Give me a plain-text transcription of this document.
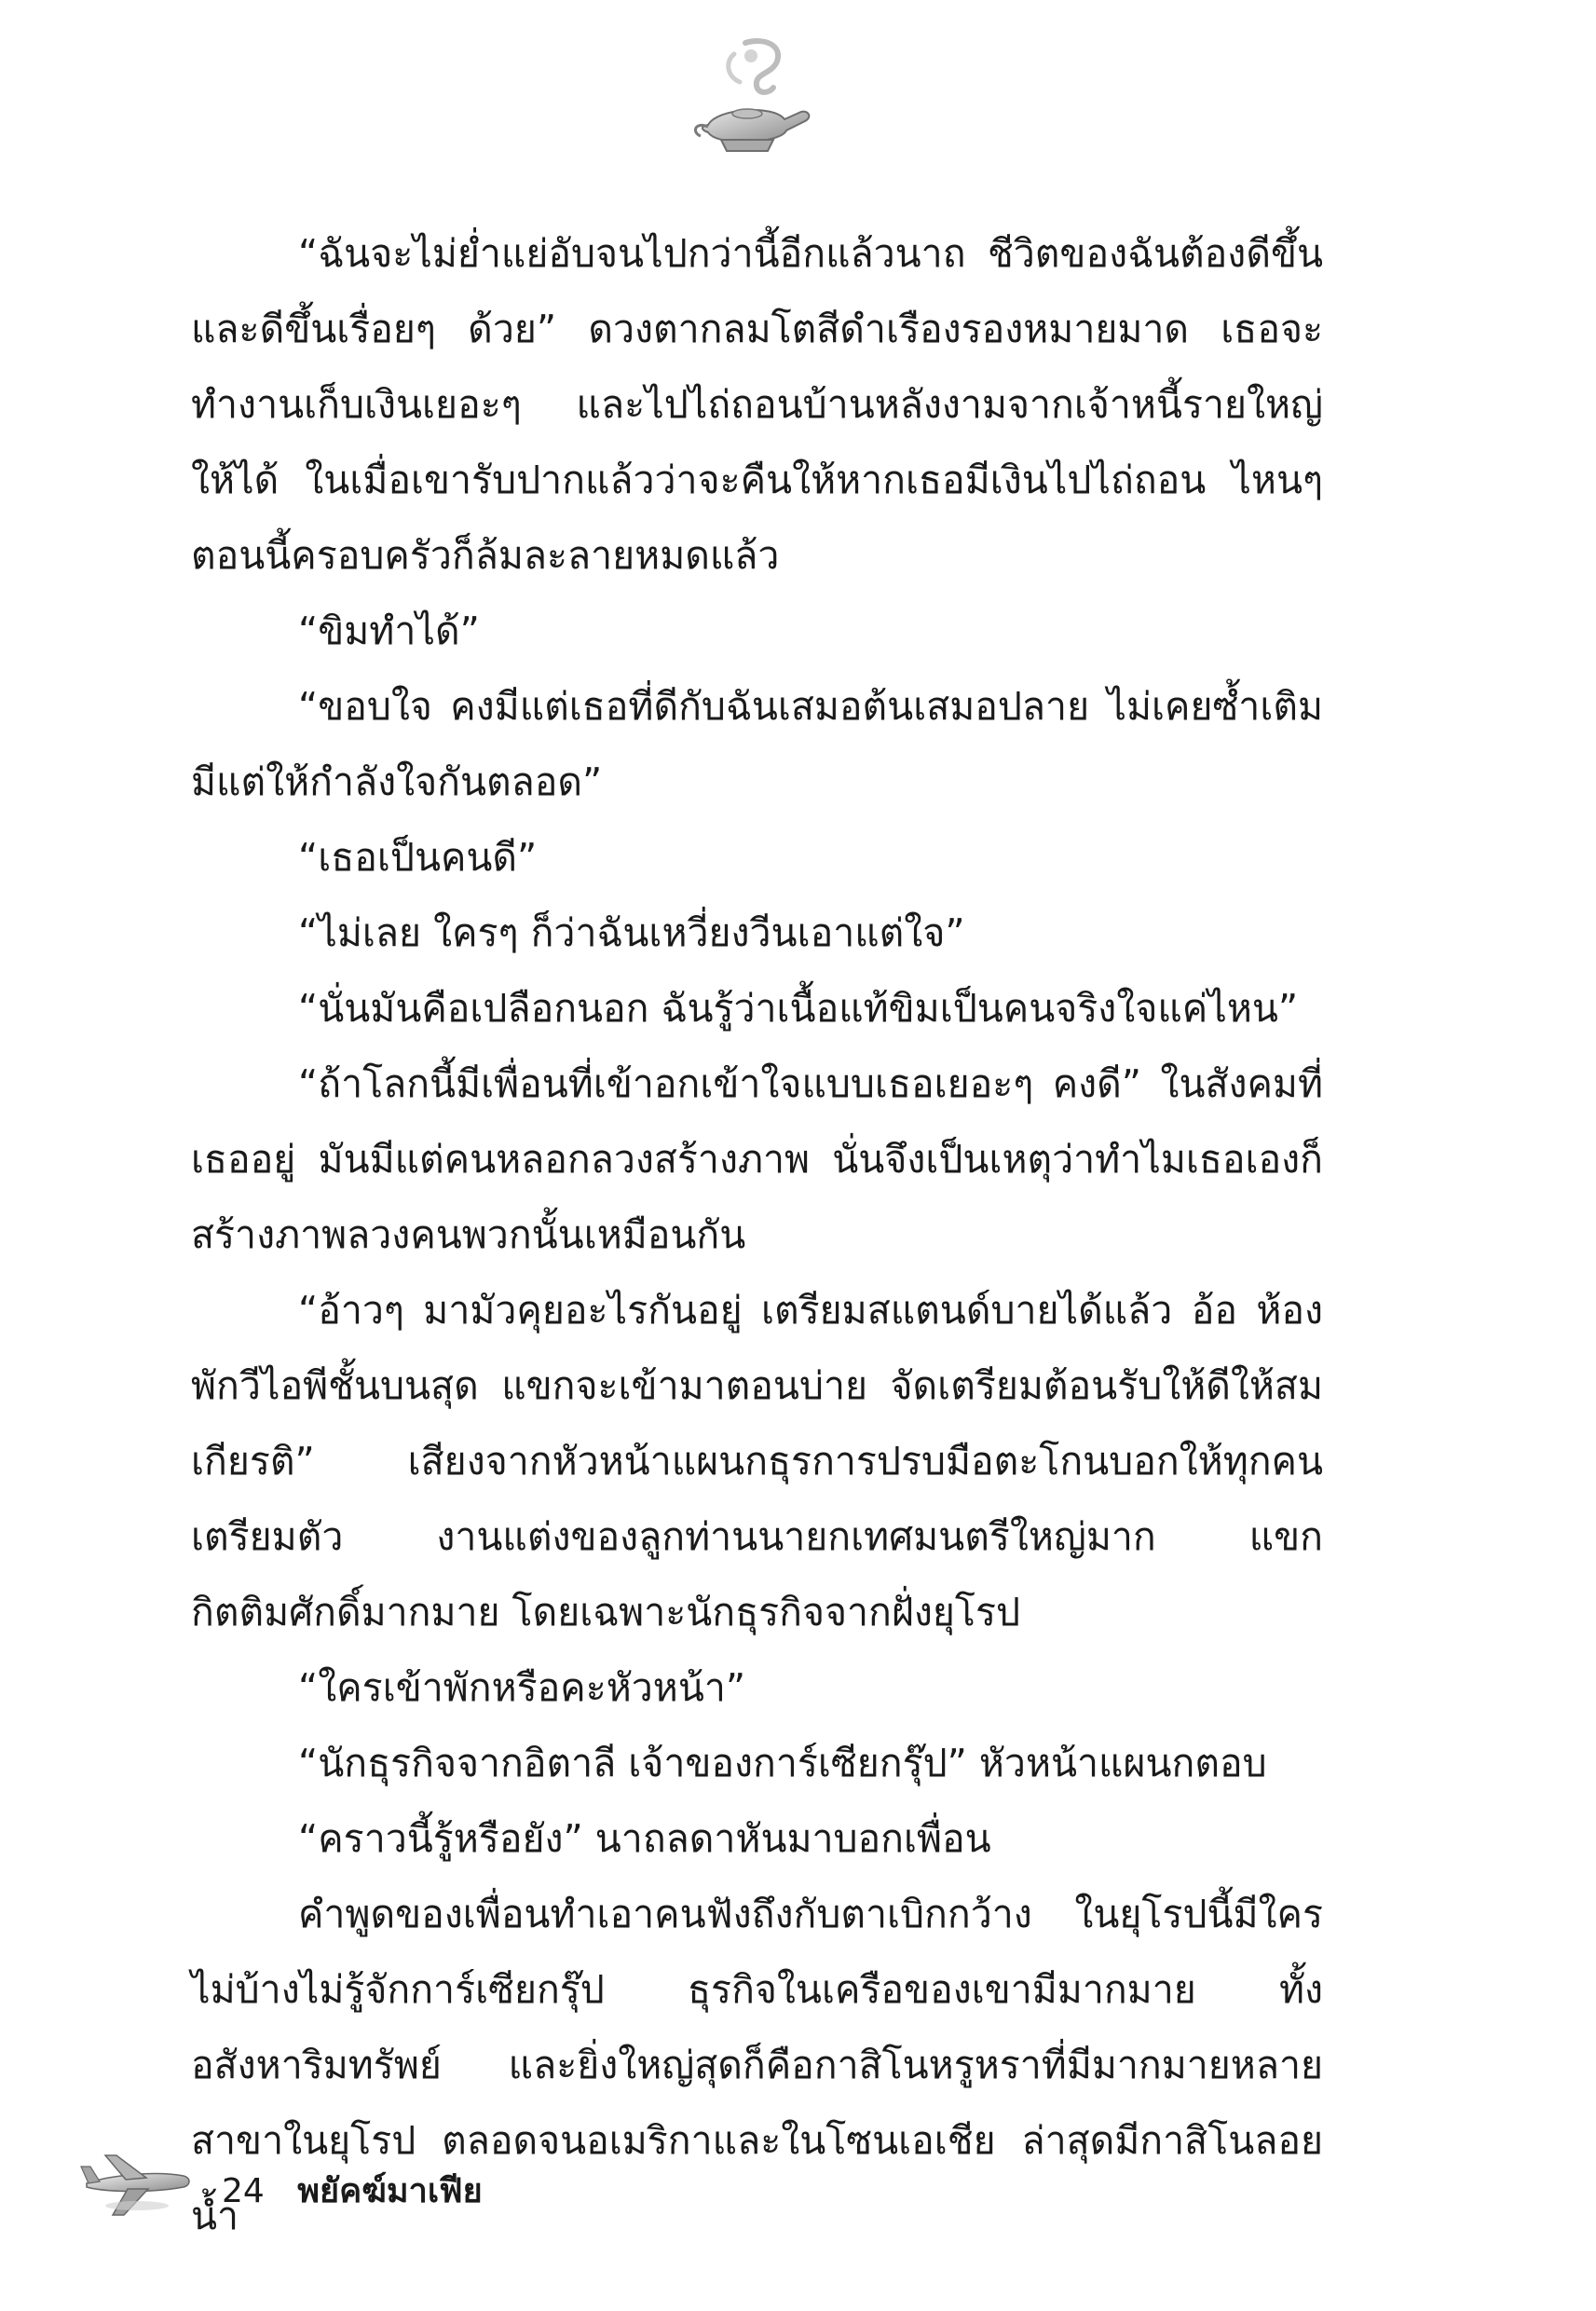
“ฉันจะไม่ย่ำแย่อับจนไปกว่านี้อีกแล้วนาถ ชีวิตของฉันต้องดีขึ้นและดีขึ้นเรื่อยๆ ด้วย” ดวงตากลมโตสีดำเรืองรองหมายมาด เธอจะทำงานเก็บเงินเยอะๆ และไปไถ่ถอนบ้านหลังงามจากเจ้าหนี้รายใหญ่ให้ได้ ในเมื่อเขารับปากแล้วว่าจะคืนให้หากเธอมีเงินไปไถ่ถอน ไหนๆ ตอนนี้ครอบครัวก็ล้มละลายหมดแล้ว

“ขิมทำได้”

“ขอบใจ คงมีแต่เธอที่ดีกับฉันเสมอต้นเสมอปลาย ไม่เคยซ้ำเติม มีแต่ให้กำลังใจกันตลอด”

“เธอเป็นคนดี”

“ไม่เลย ใครๆ ก็ว่าฉันเหวี่ยงวีนเอาแต่ใจ”

“นั่นมันคือเปลือกนอก ฉันรู้ว่าเนื้อแท้ขิมเป็นคนจริงใจแค่ไหน”

“ถ้าโลกนี้มีเพื่อนที่เข้าอกเข้าใจแบบเธอเยอะๆ คงดี” ในสังคมที่เธออยู่ มันมีแต่คนหลอกลวงสร้างภาพ นั่นจึงเป็นเหตุว่าทำไมเธอเองก็สร้างภาพลวงคนพวกนั้นเหมือนกัน

“อ้าวๆ มามัวคุยอะไรกันอยู่ เตรียมสแตนด์บายได้แล้ว อ้อ ห้องพักวีไอพีชั้นบนสุด แขกจะเข้ามาตอนบ่าย จัดเตรียมต้อนรับให้ดีให้สมเกียรติ” เสียงจากหัวหน้าแผนกธุรการปรบมือตะโกนบอกให้ทุกคนเตรียมตัว งานแต่งของลูกท่านนายกเทศมนตรีใหญ่มาก แขกกิตติมศักดิ์มากมาย โดยเฉพาะนักธุรกิจจากฝั่งยุโรป

“ใครเข้าพักหรือคะหัวหน้า”

“นักธุรกิจจากอิตาลี เจ้าของการ์เซียกรุ๊ป” หัวหน้าแผนกตอบ

“คราวนี้รู้หรือยัง” นาถลดาหันมาบอกเพื่อน

คำพูดของเพื่อนทำเอาคนฟังถึงกับตาเบิกกว้าง ในยุโรปนี้มีใครไม่บ้างไม่รู้จักการ์เซียกรุ๊ป ธุรกิจในเครือของเขามีมากมาย ทั้งอสังหาริมทรัพย์ และยิ่งใหญ่สุดก็คือกาสิโนหรูหราที่มีมากมายหลายสาขาในยุโรป ตลอดจนอเมริกาและในโซนเอเชีย ล่าสุดมีกาสิโนลอยน้ำ

24 พยัคฆ์มาเฟีย
